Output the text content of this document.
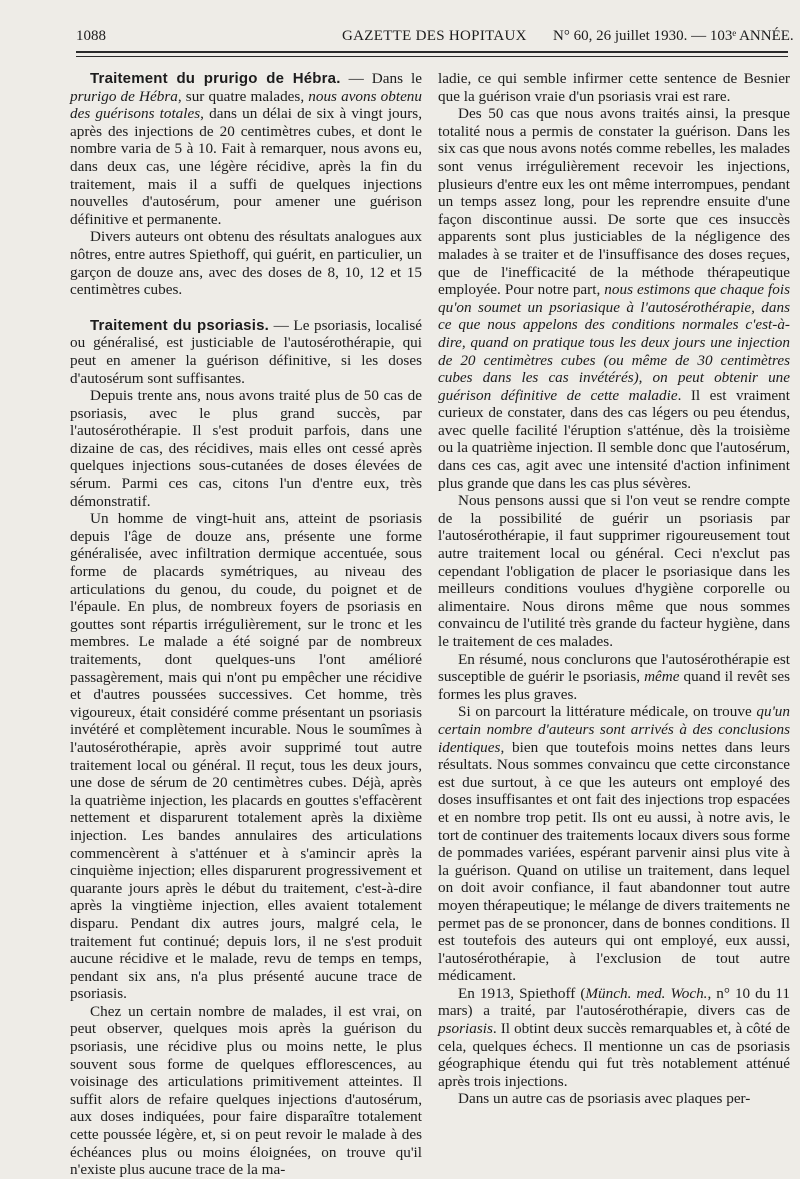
1088	GAZETTE DES HOPITAUX N° 60, 26 juillet 1930. — 103ᵉ ANNÉE.

Traitement du prurigo de Hébra. — Dans le prurigo de Hébra, sur quatre malades, nous avons obtenu des guérisons totales, dans un délai de six à vingt jours, après des injections de 20 centimètres cubes, et dont le nombre varia de 5 à 10. Fait à remarquer, nous avons eu, dans deux cas, une légère récidive, après la fin du traitement, mais il a suffi de quelques injections nouvelles d'autosérum, pour amener une guérison définitive et permanente.

Divers auteurs ont obtenu des résultats analogues aux nôtres, entre autres Spiethoff, qui guérit, en particulier, un garçon de douze ans, avec des doses de 8, 10, 12 et 15 centimètres cubes.

Traitement du psoriasis. — Le psoriasis, localisé ou généralisé, est justiciable de l'autosérothérapie, qui peut en amener la guérison définitive, si les doses d'autosérum sont suffisantes.

Depuis trente ans, nous avons traité plus de 50 cas de psoriasis, avec le plus grand succès, par l'autosérothérapie. Il s'est produit parfois, dans une dizaine de cas, des récidives, mais elles ont cessé après quelques injections sous-cutanées de doses élevées de sérum. Parmi ces cas, citons l'un d'entre eux, très démonstratif.

Un homme de vingt-huit ans, atteint de psoriasis depuis l'âge de douze ans, présente une forme généralisée, avec infiltration dermique accentuée, sous forme de placards symétriques, au niveau des articulations du genou, du coude, du poignet et de l'épaule. En plus, de nombreux foyers de psoriasis en gouttes sont répartis irrégulièrement, sur le tronc et les membres. Le malade a été soigné par de nombreux traitements, dont quelques-uns l'ont amélioré passagèrement, mais qui n'ont pu empêcher une récidive et d'autres poussées successives. Cet homme, très vigoureux, était considéré comme présentant un psoriasis invétéré et complètement incurable. Nous le soumîmes à l'autosérothérapie, après avoir supprimé tout autre traitement local ou général. Il reçut, tous les deux jours, une dose de sérum de 20 centimètres cubes. Déjà, après la quatrième injection, les placards en gouttes s'effacèrent nettement et disparurent totalement après la dixième injection. Les bandes annulaires des articulations commencèrent à s'atténuer et à s'amincir après la cinquième injection; elles disparurent progressivement et quarante jours après le début du traitement, c'est-à-dire après la vingtième injection, elles avaient totalement disparu. Pendant dix autres jours, malgré cela, le traitement fut continué; depuis lors, il ne s'est produit aucune récidive et le malade, revu de temps en temps, pendant six ans, n'a plus présenté aucune trace de psoriasis.

Chez un certain nombre de malades, il est vrai, on peut observer, quelques mois après la guérison du psoriasis, une récidive plus ou moins nette, le plus souvent sous forme de quelques efflorescences, au voisinage des articulations primitivement atteintes. Il suffit alors de refaire quelques injections d'autosérum, aux doses indiquées, pour faire disparaître totalement cette poussée légère, et, si on peut revoir le malade à des échéances plus ou moins éloignées, on trouve qu'il n'existe plus aucune trace de la ma-

ladie, ce qui semble infirmer cette sentence de Besnier que la guérison vraie d'un psoriasis vrai est rare.

Des 50 cas que nous avons traités ainsi, la presque totalité nous a permis de constater la guérison. Dans les six cas que nous avons notés comme rebelles, les malades sont venus irrégulièrement recevoir les injections, plusieurs d'entre eux les ont même interrompues, pendant un temps assez long, pour les reprendre ensuite d'une façon discontinue aussi. De sorte que ces insuccès apparents sont plus justiciables de la négligence des malades à se traiter et de l'insuffisance des doses reçues, que de l'inefficacité de la méthode thérapeutique employée. Pour notre part, nous estimons que chaque fois qu'on soumet un psoriasique à l'autosérothérapie, dans ce que nous appelons des conditions normales c'est-à-dire, quand on pratique tous les deux jours une injection de 20 centimètres cubes (ou même de 30 centimètres cubes dans les cas invétérés), on peut obtenir une guérison définitive de cette maladie. Il est vraiment curieux de constater, dans des cas légers ou peu étendus, avec quelle facilité l'éruption s'atténue, dès la troisième ou la quatrième injection. Il semble donc que l'autosérum, dans ces cas, agit avec une intensité d'action infiniment plus grande que dans les cas plus sévères.

Nous pensons aussi que si l'on veut se rendre compte de la possibilité de guérir un psoriasis par l'autosérothérapie, il faut supprimer rigoureusement tout autre traitement local ou général. Ceci n'exclut pas cependant l'obligation de placer le psoriasique dans les meilleurs conditions voulues d'hygiène corporelle ou alimentaire. Nous dirons même que nous sommes convaincu de l'utilité très grande du facteur hygiène, dans le traitement de ces malades.

En résumé, nous conclurons que l'autosérothérapie est susceptible de guérir le psoriasis, même quand il revêt ses formes les plus graves.

Si on parcourt la littérature médicale, on trouve qu'un certain nombre d'auteurs sont arrivés à des conclusions identiques, bien que toutefois moins nettes dans leurs résultats. Nous sommes convaincu que cette circonstance est due surtout, à ce que les auteurs ont employé des doses insuffisantes et ont fait des injections trop espacées et en nombre trop petit. Ils ont eu aussi, à notre avis, le tort de continuer des traitements locaux divers sous forme de pommades variées, espérant parvenir ainsi plus vite à la guérison. Quand on utilise un traitement, dans lequel on doit avoir confiance, il faut abandonner tout autre moyen thérapeutique; le mélange de divers traitements ne permet pas de se prononcer, dans de bonnes conditions. Il est toutefois des auteurs qui ont employé, eux aussi, l'autosérothérapie, à l'exclusion de tout autre médicament.

En 1913, Spiethoff (Münch. med. Woch., n° 10 du 11 mars) a traité, par l'autosérothérapie, divers cas de psoriasis. Il obtint deux succès remarquables et, à côté de cela, quelques échecs. Il mentionne un cas de psoriasis géographique étendu qui fut très notablement atténué après trois injections.

Dans un autre cas de psoriasis avec plaques per-
